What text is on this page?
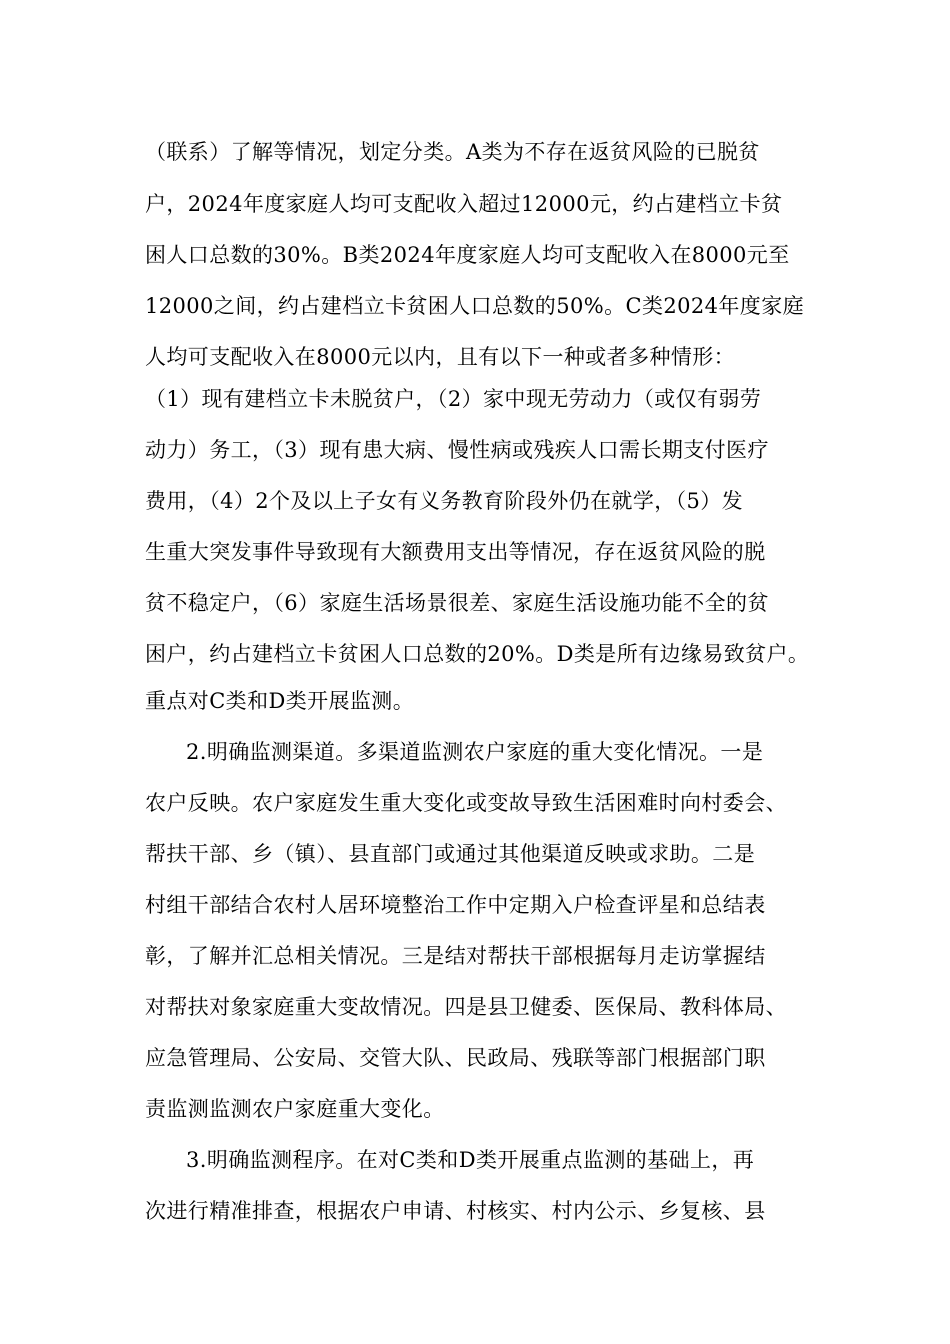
（联系）了解等情况，划定分类。A类为不存在返贫风险的已脱贫
户，2024年度家庭人均可支配收入超过12000元，约占建档立卡贫
困人口总数的30%。B类2024年度家庭人均可支配收入在8000元至
12000之间，约占建档立卡贫困人口总数的50%。C类2024年度家庭
人均可支配收入在8000元以内，且有以下一种或者多种情形：
（1）现有建档立卡未脱贫户，（2）家中现无劳动力（或仅有弱劳
动力）务工，（3）现有患大病、慢性病或残疾人口需长期支付医疗
费用，（4）2个及以上子女有义务教育阶段外仍在就学，（5）发
生重大突发事件导致现有大额费用支出等情况，存在返贫风险的脱
贫不稳定户，（6）家庭生活场景很差、家庭生活设施功能不全的贫
困户，约占建档立卡贫困人口总数的20%。D类是所有边缘易致贫户。
重点对C类和D类开展监测。
2.明确监测渠道。多渠道监测农户家庭的重大变化情况。一是
农户反映。农户家庭发生重大变化或变故导致生活困难时向村委会、
帮扶干部、乡（镇）、县直部门或通过其他渠道反映或求助。二是
村组干部结合农村人居环境整治工作中定期入户检查评星和总结表
彰，了解并汇总相关情况。三是结对帮扶干部根据每月走访掌握结
对帮扶对象家庭重大变故情况。四是县卫健委、医保局、教科体局、
应急管理局、公安局、交管大队、民政局、残联等部门根据部门职
责监测监测农户家庭重大变化。
3.明确监测程序。在对C类和D类开展重点监测的基础上，再
次进行精准排查，根据农户申请、村核实、村内公示、乡复核、县
